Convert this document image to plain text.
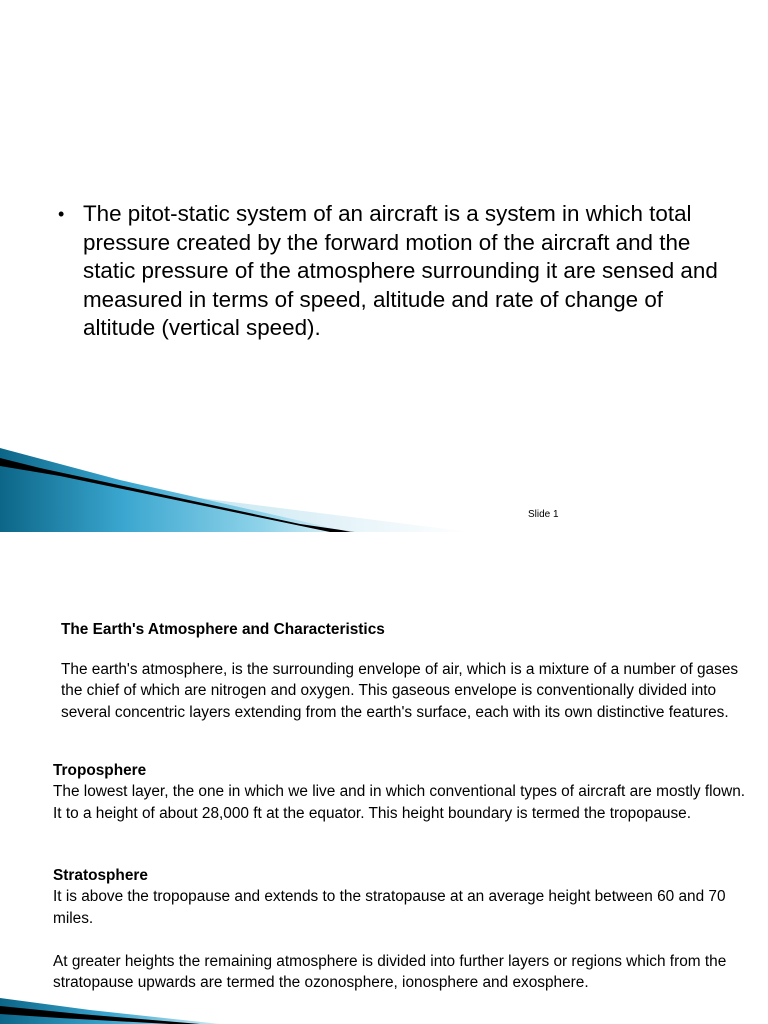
• The pitot-static system of an aircraft is a system in which total pressure created by the forward motion of the aircraft and the static pressure of the atmosphere surrounding it are sensed and measured in terms of speed, altitude and rate of change of altitude (vertical speed).
Slide 1
The Earth's Atmosphere and Characteristics
The earth's atmosphere, is the surrounding envelope of air, which is a mixture of a number of gases the chief of which are nitrogen and oxygen. This gaseous envelope is conventionally divided into several concentric layers extending from the earth's surface, each with its own distinctive features.
Troposphere
The lowest layer, the one in which we live and in which conventional types of aircraft are mostly flown. It to a height of about 28,000 ft at the equator. This height boundary is termed the tropopause.
Stratosphere
It is above the tropopause and extends to the stratopause at an average height between 60 and 70 miles.
At greater heights the remaining atmosphere is divided into further layers or regions which from the stratopause upwards are termed the ozonosphere, ionosphere and exosphere.
